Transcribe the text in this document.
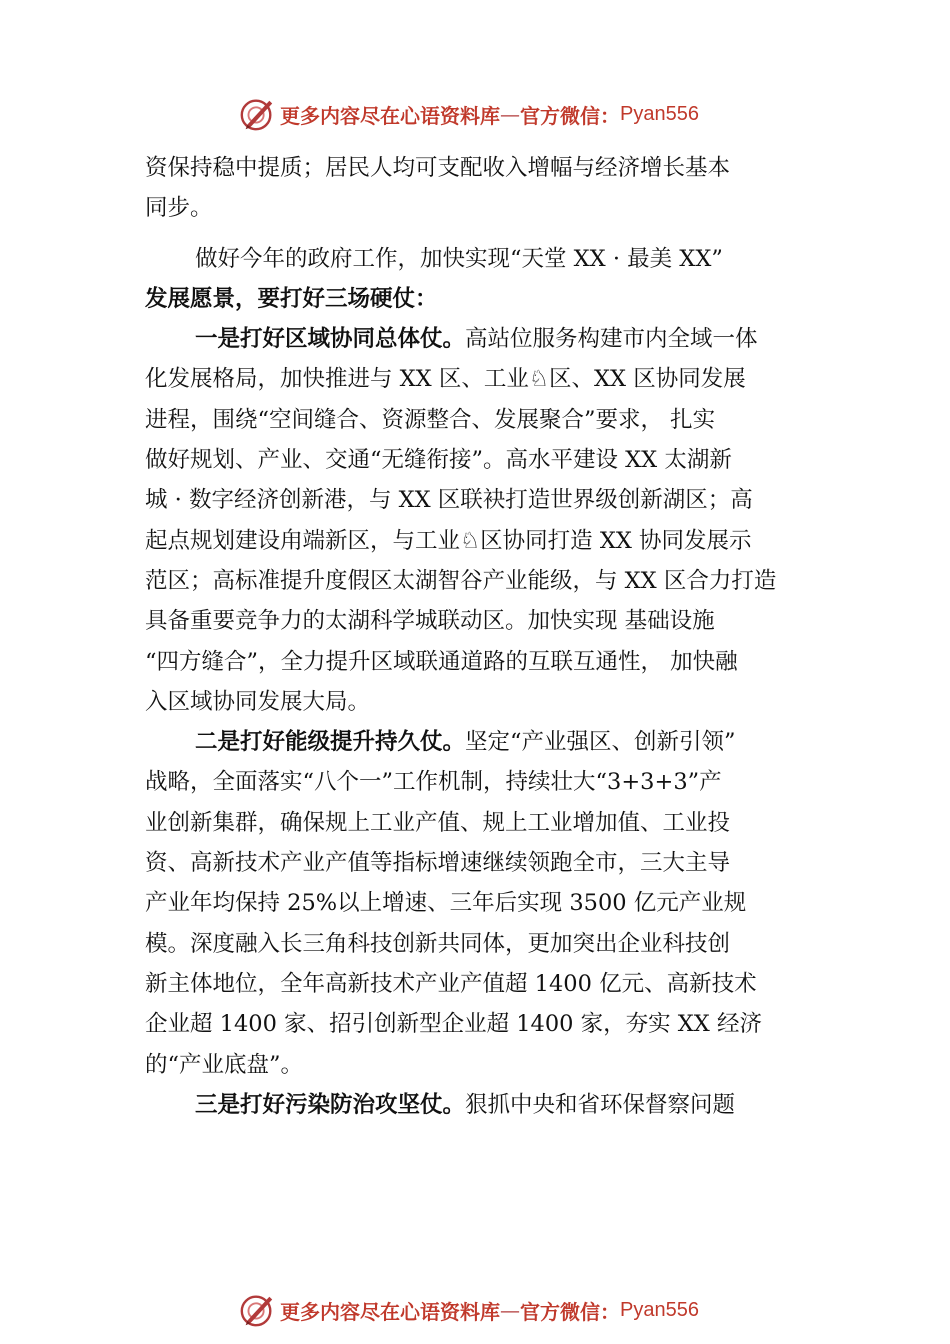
更多内容尽在心语资料库 — 官方微信： Pyan556
资保持稳中提质；居民人均可支配收入增幅与经济增长基本
同步。
做好今年的政府工作，加快实现“天堂 XX · 最美 XX”
发展愿景，要打好三场硬仗：
一是打好区域协同总体仗。高站位服务构建市内全域一体
化发展格局，加快推进与 XX 区、工业♘区、XX 区协同发展
进程，围绕“空间缝合、资源整合、发展聚合”要求， 扎实
做好规划、产业、交通“无缝衔接”。高水平建设 XX 太湖新
城 · 数字经济创新港，与 XX 区联袂打造世界级创新湖区；高
起点规划建设甪端新区，与工业♘区协同打造 XX 协同发展示
范区；高标准提升度假区太湖智谷产业能级，与 XX 区合力打造
具备重要竞争力的太湖科学城联动区。加快实现 基础设施
“四方缝合”，全力提升区域联通道路的互联互通性， 加快融
入区域协同发展大局。
二是打好能级提升持久仗。坚定“产业强区、创新引领”
战略，全面落实“八个一”工作机制，持续壮大“3+3+3”产
业创新集群，确保规上工业产值、规上工业增加值、工业投
资、高新技术产业产值等指标增速继续领跑全市，三大主导
产业年均保持 25%以上增速、三年后实现 3500 亿元产业规
模。深度融入长三角科技创新共同体，更加突出企业科技创
新主体地位，全年高新技术产业产值超 1400 亿元、高新技术
企业超 1400 家、招引创新型企业超 1400 家，夯实 XX 经济
的“产业底盘”。
三是打好污染防治攻坚仗。狠抓中央和省环保督察问题
更多内容尽在心语资料库 — 官方微信： Pyan556
